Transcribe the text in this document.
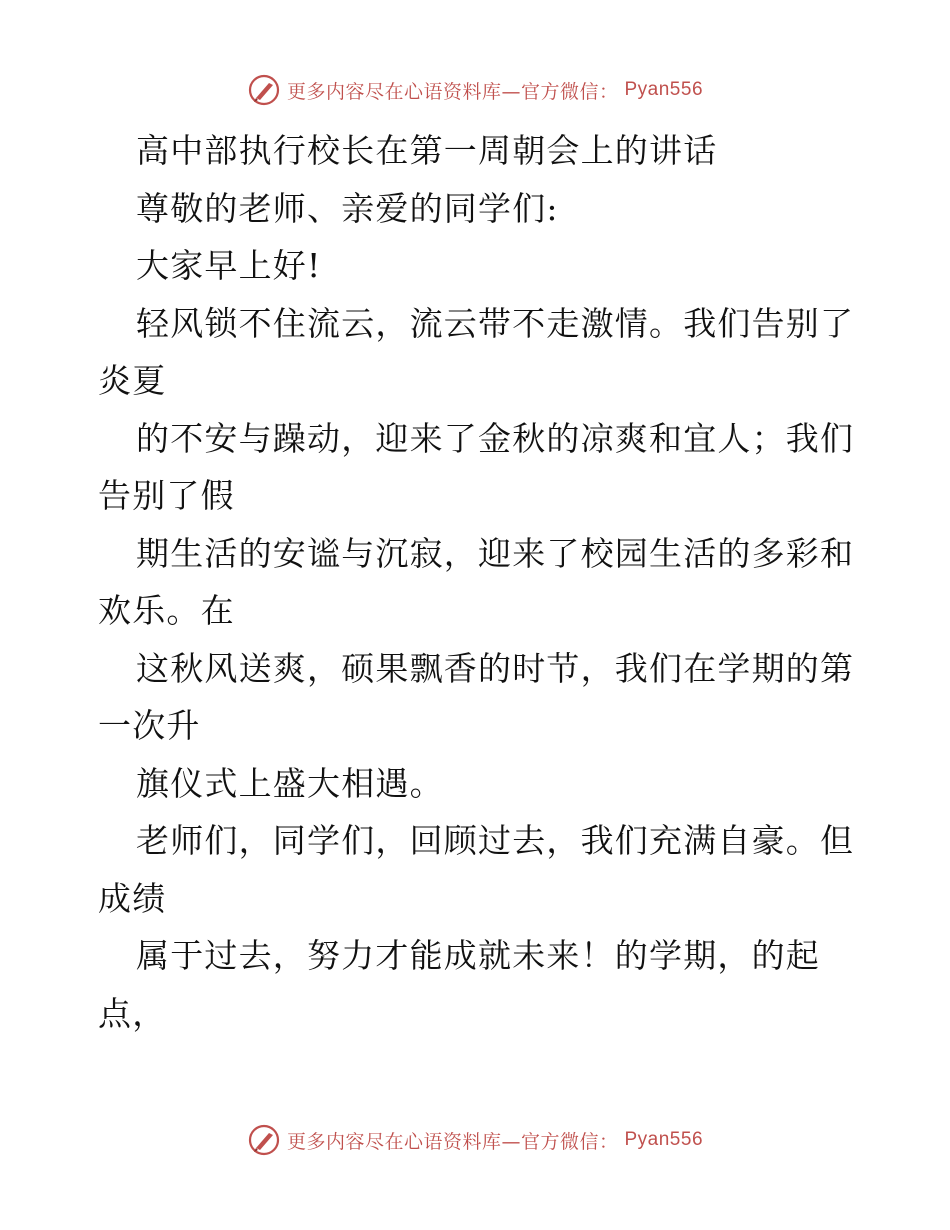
更多内容尽在心语资料库—官方微信： Pyan556
高中部执行校长在第一周朝会上的讲话
尊敬的老师、亲爱的同学们:
大家早上好!
轻风锁不住流云，流云带不走激情。我们告别了
炎夏
的不安与躁动，迎来了金秋的凉爽和宜人；我们
告别了假
期生活的安谧与沉寂，迎来了校园生活的多彩和
欢乐。在
这秋风送爽，硕果飘香的时节，我们在学期的第
一次升
旗仪式上盛大相遇。
老师们，同学们，回顾过去，我们充满自豪。但
成绩
属于过去，努力才能成就未来！的学期，的起
点，
更多内容尽在心语资料库—官方微信： Pyan556
